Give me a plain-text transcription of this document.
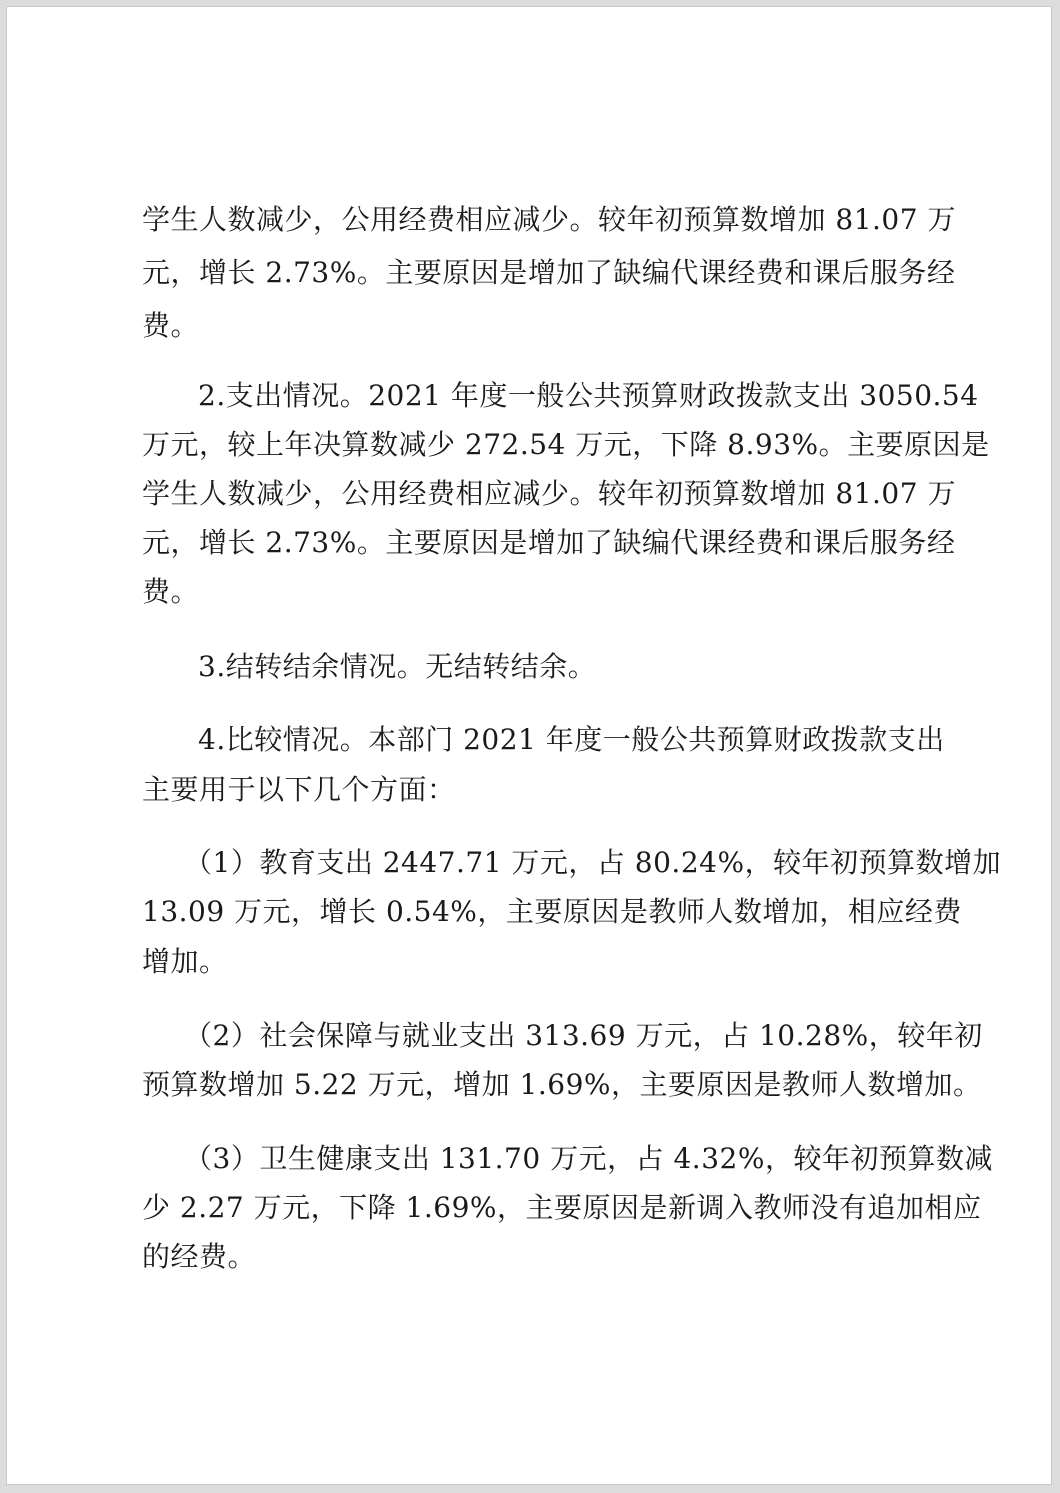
学生人数减少，公用经费相应减少。较年初预算数增加 81.07 万
元，增长 2.73%。主要原因是增加了缺编代课经费和课后服务经
费。
2.支出情况。2021 年度一般公共预算财政拨款支出 3050.54
万元，较上年决算数减少 272.54 万元，下降 8.93%。主要原因是
学生人数减少，公用经费相应减少。较年初预算数增加 81.07 万
元，增长 2.73%。主要原因是增加了缺编代课经费和课后服务经
费。
3.结转结余情况。无结转结余。
4.比较情况。本部门 2021 年度一般公共预算财政拨款支出
主要用于以下几个方面：
（1）教育支出 2447.71 万元，占 80.24%，较年初预算数增加
13.09 万元，增长 0.54%，主要原因是教师人数增加，相应经费
增加。
（2）社会保障与就业支出 313.69 万元，占 10.28%，较年初
预算数增加 5.22 万元，增加 1.69%，主要原因是教师人数增加。
（3）卫生健康支出 131.70 万元，占 4.32%，较年初预算数减
少 2.27 万元，下降 1.69%，主要原因是新调入教师没有追加相应
的经费。
